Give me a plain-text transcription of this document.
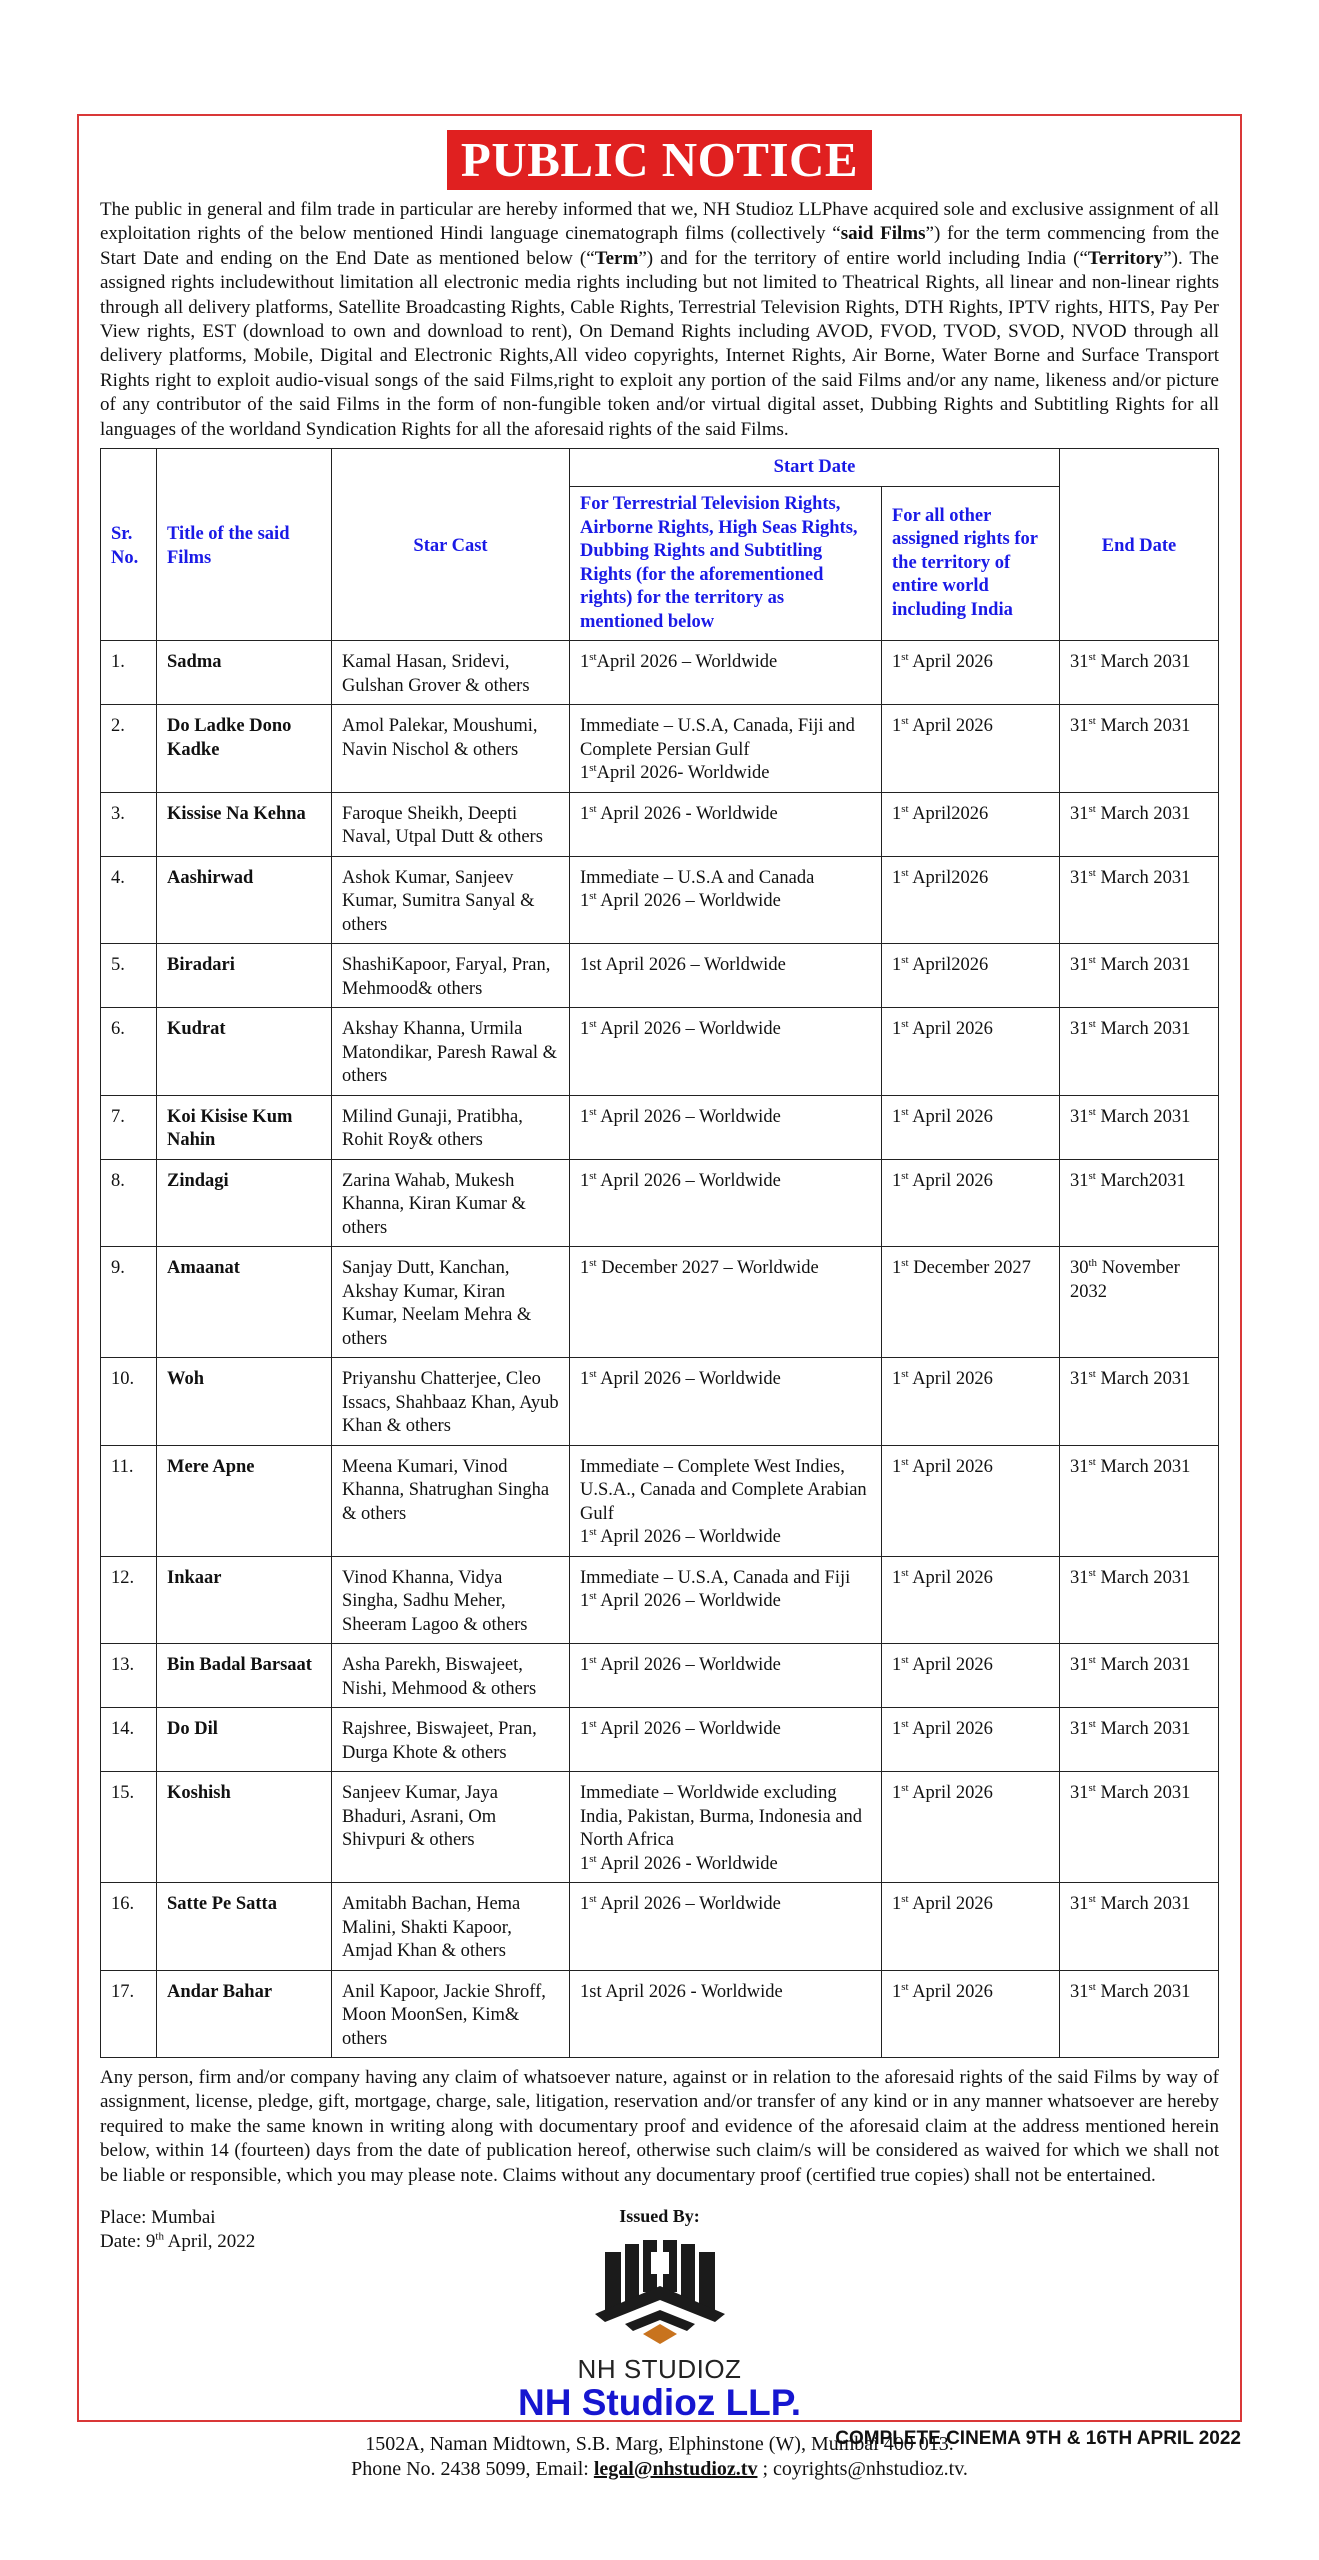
PUBLIC NOTICE

The public in general and film trade in particular are hereby informed that we, NH Studioz LLPhave acquired sole and exclusive assignment of all exploitation rights of the below mentioned Hindi language cinematograph films (collectively “said Films”) for the term commencing from the Start Date and ending on the End Date as mentioned below (“Term”) and for the territory of entire world including India (“Territory”). The assigned rights includewithout limitation all electronic media rights including but not limited to Theatrical Rights, all linear and non-linear rights through all delivery platforms, Satellite Broadcasting Rights, Cable Rights, Terrestrial Television Rights, DTH Rights, IPTV rights, HITS, Pay Per View rights, EST (download to own and download to rent), On Demand Rights including AVOD, FVOD, TVOD, SVOD, NVOD through all delivery platforms, Mobile, Digital and Electronic Rights,All video copyrights, Internet Rights, Air Borne, Water Borne and Surface Transport Rights right to exploit audio-visual songs of the said Films,right to exploit any portion of the said Films and/or any name, likeness and/or picture of any contributor of the said Films in the form of non-fungible token and/or virtual digital asset, Dubbing Rights and Subtitling Rights for all languages of the worldand Syndication Rights for all the aforesaid rights of the said Films.

Sr. No.	Title of the said Films	Star Cast	Start Date		End Date
			For Terrestrial Television Rights, Airborne Rights, High Seas Rights, Dubbing Rights and Subtitling Rights (for the aforementioned rights) for the territory as mentioned below	For all other assigned rights for the territory of entire world including India	
1.	Sadma	Kamal Hasan, Sridevi, Gulshan Grover & others	1stApril 2026 – Worldwide	1st April 2026	31st March 2031

2.	Do Ladke Dono Kadke	Amol Palekar, Moushumi, Navin Nischol & others	Immediate – U.S.A, Canada, Fiji and Complete Persian Gulf
1stApril 2026- Worldwide	1st April 2026	31st March 2031

3.	Kissise Na Kehna	Faroque Sheikh, Deepti Naval, Utpal Dutt & others	1st April 2026 - Worldwide	1st April2026	31st March 2031

4.	Aashirwad	Ashok Kumar, Sanjeev Kumar, Sumitra Sanyal & others	Immediate – U.S.A and Canada
1st April 2026 – Worldwide	1st April2026	31st March 2031

5.	Biradari	ShashiKapoor, Faryal, Pran, Mehmood& others	1st April 2026 – Worldwide	1st April2026	31st March 2031

6.	Kudrat	Akshay Khanna, Urmila Matondikar, Paresh Rawal & others	1st April 2026 – Worldwide	1st April 2026	31st March 2031

7.	Koi Kisise Kum Nahin	Milind Gunaji, Pratibha, Rohit Roy& others	1st April 2026 – Worldwide	1st April 2026	31st March 2031

8.	Zindagi	Zarina Wahab, Mukesh Khanna, Kiran Kumar & others	1st April 2026 – Worldwide	1st April 2026	31st March2031

9.	Amaanat	Sanjay Dutt, Kanchan, Akshay Kumar, Kiran Kumar, Neelam Mehra & others	1st December 2027 – Worldwide	1st December 2027	30th November 2032

10.	Woh	Priyanshu Chatterjee, Cleo Issacs, Shahbaaz Khan, Ayub Khan & others	1st April 2026 – Worldwide	1st April 2026	31st March 2031

11.	Mere Apne	Meena Kumari, Vinod Khanna, Shatrughan Singha & others	Immediate – Complete West Indies, U.S.A., Canada and Complete Arabian Gulf
1st April 2026 – Worldwide	1st April 2026	31st March 2031

12.	Inkaar	Vinod Khanna, Vidya Singha, Sadhu Meher, Sheeram Lagoo & others	Immediate – U.S.A, Canada and Fiji
1st April 2026 – Worldwide	1st April 2026	31st March 2031

13.	Bin Badal Barsaat	Asha Parekh, Biswajeet, Nishi, Mehmood & others	1st April 2026 – Worldwide	1st April 2026	31st March 2031

14.	Do Dil	Rajshree, Biswajeet, Pran, Durga Khote & others	1st April 2026 – Worldwide	1st April 2026	31st March 2031

15.	Koshish	Sanjeev Kumar, Jaya Bhaduri, Asrani, Om Shivpuri & others	Immediate – Worldwide excluding India, Pakistan, Burma, Indonesia and North Africa
1st April 2026 - Worldwide	1st April 2026	31st March 2031

16.	Satte Pe Satta	Amitabh Bachan, Hema Malini, Shakti Kapoor, Amjad Khan & others	1st April 2026 – Worldwide	1st April 2026	31st March 2031

17.	Andar Bahar	Anil Kapoor, Jackie Shroff, Moon MoonSen, Kim& others	1st April 2026 - Worldwide	1st April 2026	31st March 2031

Any person, firm and/or company having any claim of whatsoever nature, against or in relation to the aforesaid rights of the said Films by way of assignment, license, pledge, gift, mortgage, charge, sale, litigation, reservation and/or transfer of any kind or in any manner whatsoever are hereby required to make the same known in writing along with documentary proof and evidence of the aforesaid claim at the address mentioned herein below, within 14 (fourteen) days from the date of publication hereof, otherwise such claim/s will be considered as waived for which we shall not be liable or responsible, which you may please note. Claims without any documentary proof (certified true copies) shall not be entertained.

Place: Mumbai
Date: 9th April, 2022
Issued By:
NH STUDIOZ
NH Studioz LLP.
1502A, Naman Midtown, S.B. Marg, Elphinstone (W), Mumbai 400 013.
Phone No. 2438 5099, Email: legal@nhstudioz.tv ; coyrights@nhstudioz.tv.
COMPLETE CINEMA 9TH & 16TH APRIL 2022
